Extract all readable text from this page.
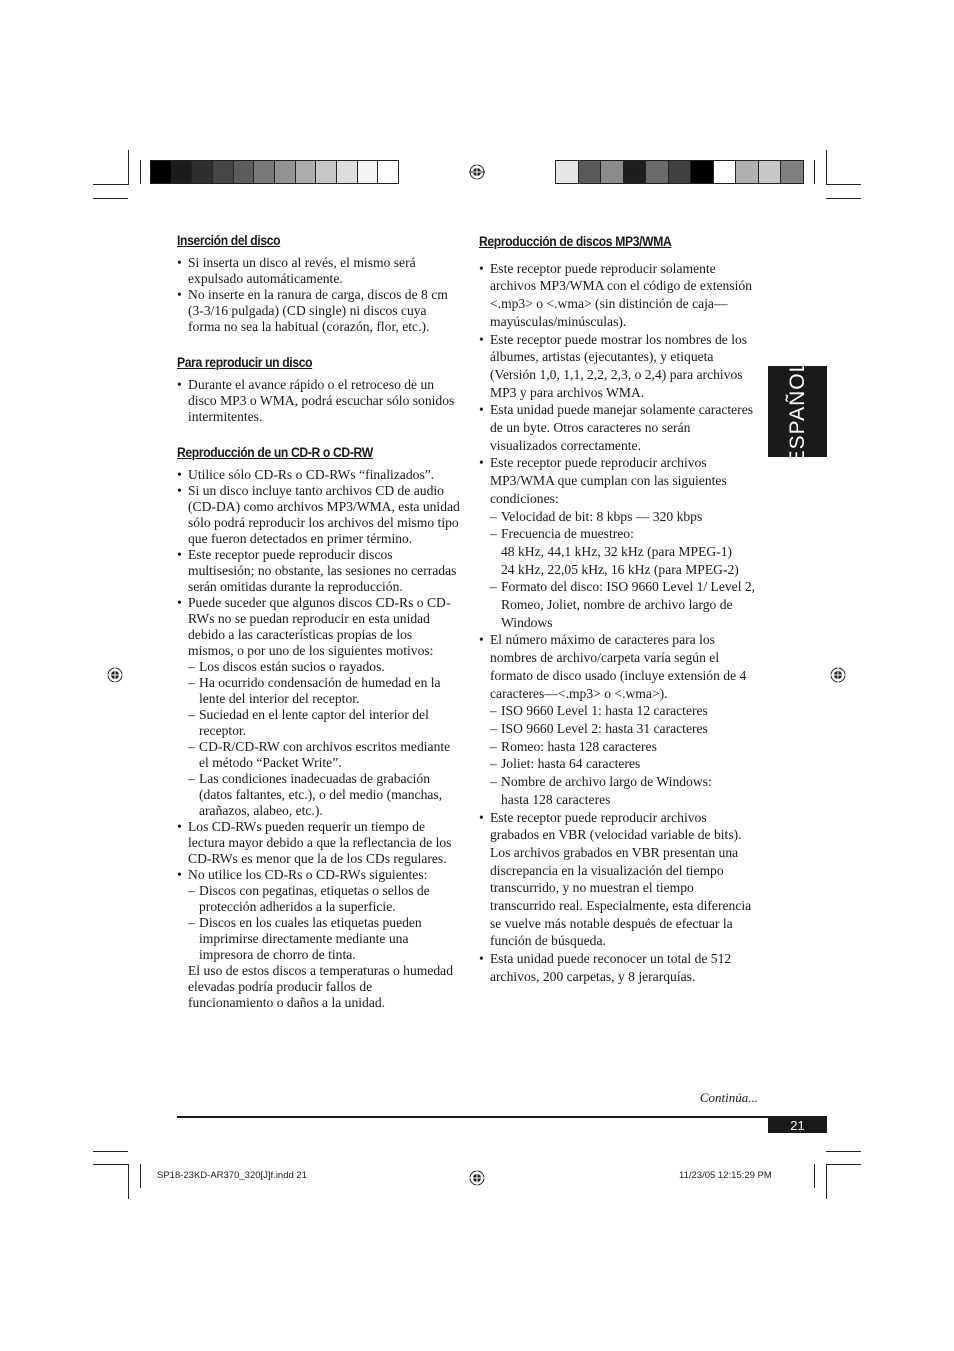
ESPAÑOL
Inserción del disco
• Si inserta un disco al revés, el mismo será expulsado automáticamente.
• No inserte en la ranura de carga, discos de 8 cm (3-3/16 pulgada) (CD single) ni discos cuya forma no sea la habitual (corazón, flor, etc.).
Para reproducir un disco
• Durante el avance rápido o el retroceso de un disco MP3 o WMA, podrá escuchar sólo sonidos intermitentes.
Reproducción de un CD-R o CD-RW
• Utilice sólo CD-Rs o CD-RWs “finalizados”.
• Si un disco incluye tanto archivos CD de audio (CD-DA) como archivos MP3/WMA, esta unidad sólo podrá reproducir los archivos del mismo tipo que fueron detectados en primer término.
• Este receptor puede reproducir discos multisesión; no obstante, las sesiones no cerradas serán omitidas durante la reproducción.
• Puede suceder que algunos discos CD-Rs o CD-RWs no se puedan reproducir en esta unidad debido a las características propias de los mismos, o por uno de los siguientes motivos:
– Los discos están sucios o rayados.
– Ha ocurrido condensación de humedad en la lente del interior del receptor.
– Suciedad en el lente captor del interior del receptor.
– CD-R/CD-RW con archivos escritos mediante el método “Packet Write”.
– Las condiciones inadecuadas de grabación (datos faltantes, etc.), o del medio (manchas, arañazos, alabeo, etc.).
• Los CD-RWs pueden requerir un tiempo de lectura mayor debido a que la reflectancia de los CD-RWs es menor que la de los CDs regulares.
• No utilice los CD-Rs o CD-RWs siguientes:
– Discos con pegatinas, etiquetas o sellos de protección adheridos a la superficie.
– Discos en los cuales las etiquetas pueden imprimirse directamente mediante una impresora de chorro de tinta.
El uso de estos discos a temperaturas o humedad elevadas podría producir fallos de funcionamiento o daños a la unidad.
Reproducción de discos MP3/WMA
• Este receptor puede reproducir solamente archivos MP3/WMA con el código de extensión <.mp3> o <.wma> (sin distinción de caja—mayúsculas/minúsculas).
• Este receptor puede mostrar los nombres de los álbumes, artistas (ejecutantes), y etiqueta (Versión 1,0, 1,1, 2,2, 2,3, o 2,4) para archivos MP3 y para archivos WMA.
• Esta unidad puede manejar solamente caracteres de un byte. Otros caracteres no serán visualizados correctamente.
• Este receptor puede reproducir archivos MP3/WMA que cumplan con las siguientes condiciones:
– Velocidad de bit: 8 kbps — 320 kbps
– Frecuencia de muestreo:
48 kHz, 44,1 kHz, 32 kHz (para MPEG-1)
24 kHz, 22,05 kHz, 16 kHz (para MPEG-2)
– Formato del disco: ISO 9660 Level 1/ Level 2, Romeo, Joliet, nombre de archivo largo de Windows
• El número máximo de caracteres para los nombres de archivo/carpeta varía según el formato de disco usado (incluye extensión de 4 caracteres—<.mp3> o <.wma>).
– ISO 9660 Level 1: hasta 12 caracteres
– ISO 9660 Level 2: hasta 31 caracteres
– Romeo: hasta 128 caracteres
– Joliet: hasta 64 caracteres
– Nombre de archivo largo de Windows:
hasta 128 caracteres
• Este receptor puede reproducir archivos grabados en VBR (velocidad variable de bits). Los archivos grabados en VBR presentan una discrepancia en la visualización del tiempo transcurrido, y no muestran el tiempo transcurrido real. Especialmente, esta diferencia se vuelve más notable después de efectuar la función de búsqueda.
• Esta unidad puede reconocer un total de 512 archivos, 200 carpetas, y 8 jerarquías.
Continúa...
21
SP18-23KD-AR370_320[J]f.indd 21	11/23/05 12:15:29 PM
